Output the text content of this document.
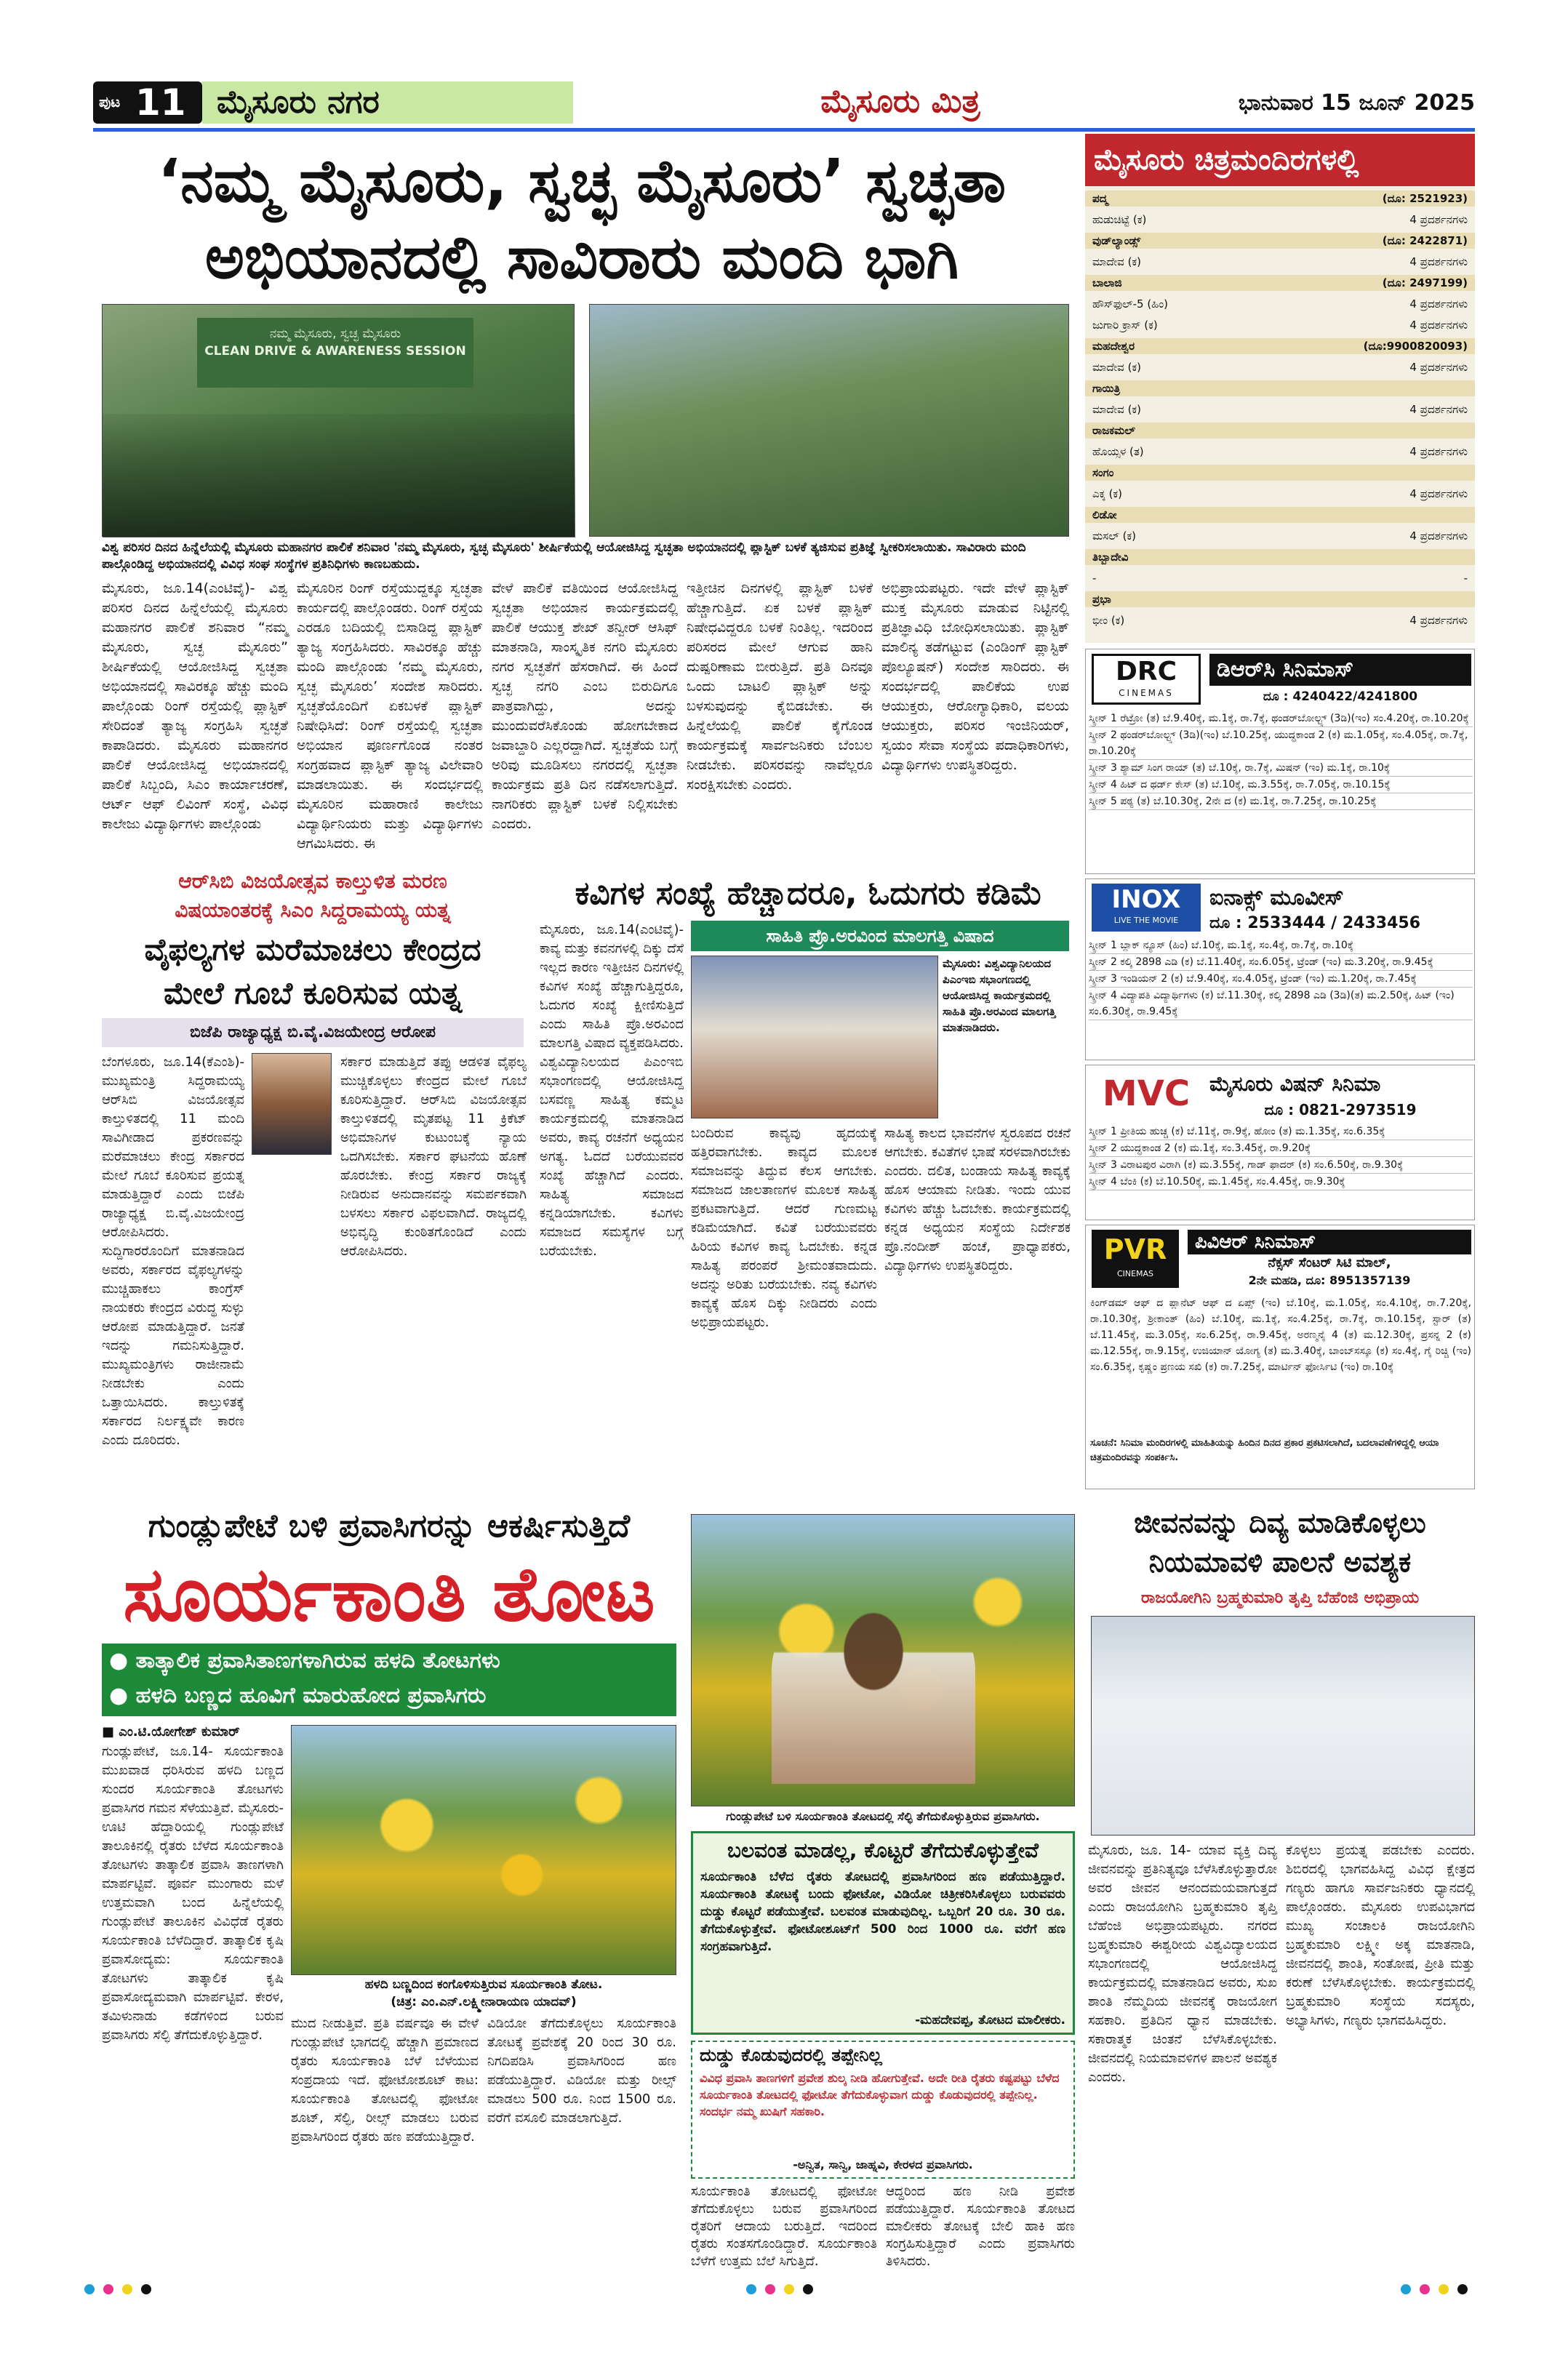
ಪುಟ 11 ಮೈಸೂರು ನಗರ	ಮೈಸೂರು ಮಿತ್ರ	ಭಾನುವಾರ 15 ಜೂನ್ 2025
‘ನಮ್ಮ ಮೈಸೂರು, ಸ್ವಚ್ಛ ಮೈಸೂರು’ ಸ್ವಚ್ಛತಾ
ಅಭಿಯಾನದಲ್ಲಿ ಸಾವಿರಾರು ಮಂದಿ ಭಾಗಿ
ನಮ್ಮ ಮೈಸೂರು, ಸ್ವಚ್ಛ ಮೈಸೂರು
CLEAN DRIVE & AWARENESS SESSION
ವಿಶ್ವ ಪರಿಸರ ದಿನದ ಹಿನ್ನೆಲೆಯಲ್ಲಿ ಮೈಸೂರು ಮಹಾನಗರ ಪಾಲಿಕೆ ಶನಿವಾರ 'ನಮ್ಮ ಮೈಸೂರು, ಸ್ವಚ್ಛ ಮೈಸೂರು' ಶೀರ್ಷಿಕೆಯಲ್ಲಿ ಆಯೋಜಿಸಿದ್ದ ಸ್ವಚ್ಛತಾ ಅಭಿಯಾನದಲ್ಲಿ ಪ್ಲಾಸ್ಟಿಕ್‌ ಬಳಕೆ ತ್ಯಜಿಸುವ ಪ್ರತಿಜ್ಞೆ ಸ್ವೀಕರಿಸಲಾಯಿತು. ಸಾವಿರಾರು ಮಂದಿ ಪಾಲ್ಗೊಂಡಿದ್ದ ಅಭಿಯಾನದಲ್ಲಿ ವಿವಿಧ ಸಂಘ ಸಂಸ್ಥೆಗಳ ಪ್ರತಿನಿಧಿಗಳು ಕಾಣಬಹುದು.
ಮೈಸೂರು, ಜೂ.14(ಎಂಟಿವೈ)- ವಿಶ್ವ ಪರಿಸರ ದಿನದ ಹಿನ್ನೆಲೆಯಲ್ಲಿ ಮೈಸೂರು ಮಹಾನಗರ ಪಾಲಿಕೆ ಶನಿವಾರ “ನಮ್ಮ ಮೈಸೂರು, ಸ್ವಚ್ಛ ಮೈಸೂರು” ಶೀರ್ಷಿಕೆಯಲ್ಲಿ ಆಯೋಜಿಸಿದ್ದ ಸ್ವಚ್ಛತಾ ಅಭಿಯಾನದಲ್ಲಿ ಸಾವಿರಕ್ಕೂ ಹೆಚ್ಚು ಮಂದಿ ಪಾಲ್ಗೊಂಡು ರಿಂಗ್‌ ರಸ್ತೆಯಲ್ಲಿ ಪ್ಲಾಸ್ಟಿಕ್‌ ಸೇರಿದಂತೆ ತ್ಯಾಜ್ಯ ಸಂಗ್ರಹಿಸಿ ಸ್ವಚ್ಛತೆ ಕಾಪಾಡಿದರು. ಮೈಸೂರು ಮಹಾನಗರ ಪಾಲಿಕೆ ಆಯೋಜಿಸಿದ್ದ ಅಭಿಯಾನದಲ್ಲಿ ಪಾಲಿಕೆ ಸಿಬ್ಬಂದಿ, ಸಿಎಂ ಕಾರ್ಯಾಚರಣೆ, ಆರ್ಟ್‌ ಆಫ್‌ ಲಿವಿಂಗ್‌ ಸಂಸ್ಥೆ, ವಿವಿಧ ಕಾಲೇಜು ವಿದ್ಯಾರ್ಥಿಗಳು ಪಾಲ್ಗೊಂಡು
ಮೈಸೂರಿನ ರಿಂಗ್‌ ರಸ್ತೆಯುದ್ದಕ್ಕೂ ಸ್ವಚ್ಛತಾ ಕಾರ್ಯದಲ್ಲಿ ಪಾಲ್ಗೊಂಡರು. ರಿಂಗ್‌ ರಸ್ತೆಯ ಎರಡೂ ಬದಿಯಲ್ಲಿ ಬಿಸಾಡಿದ್ದ ಪ್ಲಾಸ್ಟಿಕ್‌ ತ್ಯಾಜ್ಯ ಸಂಗ್ರಹಿಸಿದರು. ಸಾವಿರಕ್ಕೂ ಹೆಚ್ಚು ಮಂದಿ ಪಾಲ್ಗೊಂಡು ‘ನಮ್ಮ ಮೈಸೂರು, ಸ್ವಚ್ಛ ಮೈಸೂರು’ ಸಂದೇಶ ಸಾರಿದರು. ಸ್ವಚ್ಛತೆಯೊಂದಿಗೆ ಏಕಬಳಕೆ ಪ್ಲಾಸ್ಟಿಕ್‌ ನಿಷೇಧಿಸಿದೆ: ರಿಂಗ್‌ ರಸ್ತೆಯಲ್ಲಿ ಸ್ವಚ್ಛತಾ ಅಭಿಯಾನ ಪೂರ್ಣಗೊಂಡ ನಂತರ ಸಂಗ್ರಹವಾದ ಪ್ಲಾಸ್ಟಿಕ್‌ ತ್ಯಾಜ್ಯ ವಿಲೇವಾರಿ ಮಾಡಲಾಯಿತು. ಈ ಸಂದರ್ಭದಲ್ಲಿ ಮೈಸೂರಿನ ಮಹಾರಾಣಿ ಕಾಲೇಜು ವಿದ್ಯಾರ್ಥಿನಿಯರು ಮತ್ತು ವಿದ್ಯಾರ್ಥಿಗಳು ಆಗಮಿಸಿದರು. ಈ
ವೇಳೆ ಪಾಲಿಕೆ ವತಿಯಿಂದ ಆಯೋಜಿಸಿದ್ದ ಸ್ವಚ್ಛತಾ ಅಭಿಯಾನ ಕಾರ್ಯಕ್ರಮದಲ್ಲಿ ಪಾಲಿಕೆ ಆಯುಕ್ತ ಶೇಖ್‌ ತನ್ವೀರ್‌ ಆಸಿಫ್‌ ಮಾತನಾಡಿ, ಸಾಂಸ್ಕೃತಿಕ ನಗರಿ ಮೈಸೂರು ನಗರ ಸ್ವಚ್ಛತೆಗೆ ಹೆಸರಾಗಿದೆ. ಈ ಹಿಂದೆ ಸ್ವಚ್ಛ ನಗರಿ ಎಂಬ ಬಿರುದಿಗೂ ಪಾತ್ರವಾಗಿದ್ದು, ಅದನ್ನು ಮುಂದುವರೆಸಿಕೊಂಡು ಹೋಗಬೇಕಾದ ಜವಾಬ್ದಾರಿ ಎಲ್ಲರದ್ದಾಗಿದೆ. ಸ್ವಚ್ಛತೆಯ ಬಗ್ಗೆ ಅರಿವು ಮೂಡಿಸಲು ನಗರದಲ್ಲಿ ಸ್ವಚ್ಛತಾ ಕಾರ್ಯಕ್ರಮ ಪ್ರತಿ ದಿನ ನಡೆಸಲಾಗುತ್ತಿದೆ. ನಾಗರಿಕರು ಪ್ಲಾಸ್ಟಿಕ್‌ ಬಳಕೆ ನಿಲ್ಲಿಸಬೇಕು ಎಂದರು.
ಇತ್ತೀಚಿನ ದಿನಗಳಲ್ಲಿ ಪ್ಲಾಸ್ಟಿಕ್‌ ಬಳಕೆ ಹೆಚ್ಚಾಗುತ್ತಿದೆ. ಏಕ ಬಳಕೆ ಪ್ಲಾಸ್ಟಿಕ್‌ ನಿಷೇಧವಿದ್ದರೂ ಬಳಕೆ ನಿಂತಿಲ್ಲ. ಇದರಿಂದ ಪರಿಸರದ ಮೇಲೆ ಆಗುವ ಹಾನಿ ದುಷ್ಪರಿಣಾಮ ಬೀರುತ್ತಿದೆ. ಪ್ರತಿ ದಿನವೂ ಒಂದು ಬಾಟಲಿ ಪ್ಲಾಸ್ಟಿಕ್‌ ಅನ್ನು ಬಳಸುವುದನ್ನು ಕೈಬಿಡಬೇಕು. ಈ ಹಿನ್ನೆಲೆಯಲ್ಲಿ ಪಾಲಿಕೆ ಕೈಗೊಂಡ ಕಾರ್ಯಕ್ರಮಕ್ಕೆ ಸಾರ್ವಜನಿಕರು ಬೆಂಬಲ ನೀಡಬೇಕು. ಪರಿಸರವನ್ನು ನಾವೆಲ್ಲರೂ ಸಂರಕ್ಷಿಸಬೇಕು ಎಂದರು.
ಅಭಿಪ್ರಾಯಪಟ್ಟರು. ಇದೇ ವೇಳೆ ಪ್ಲಾಸ್ಟಿಕ್‌ ಮುಕ್ತ ಮೈಸೂರು ಮಾಡುವ ನಿಟ್ಟಿನಲ್ಲಿ ಪ್ರತಿಜ್ಞಾವಿಧಿ ಬೋಧಿಸಲಾಯಿತು. ಪ್ಲಾಸ್ಟಿಕ್‌ ಮಾಲಿನ್ಯ ತಡೆಗಟ್ಟುವ (ಎಂಡಿಂಗ್‌ ಪ್ಲಾಸ್ಟಿಕ್‌ ಪೊಲ್ಯೂಷನ್‌) ಸಂದೇಶ ಸಾರಿದರು. ಈ ಸಂದರ್ಭದಲ್ಲಿ ಪಾಲಿಕೆಯ ಉಪ ಆಯುಕ್ತರು, ಆರೋಗ್ಯಾಧಿಕಾರಿ, ವಲಯ ಆಯುಕ್ತರು, ಪರಿಸರ ಇಂಜಿನಿಯರ್‌, ಸ್ವಯಂ ಸೇವಾ ಸಂಸ್ಥೆಯ ಪದಾಧಿಕಾರಿಗಳು, ವಿದ್ಯಾರ್ಥಿಗಳು ಉಪಸ್ಥಿತರಿದ್ದರು.
ಮೈಸೂರು ಚಿತ್ರಮಂದಿರಗಳಲ್ಲಿ
ಪದ್ಮ	(ದೂ: 2521923)
ಹುಡುಚಿಟ್ಟೆ (ಕ)	4 ಪ್ರದರ್ಶನಗಳು
ವುಡ್‌ಲ್ಯಾಂಡ್ಸ್	(ದೂ: 2422871)
ಮಾದೇವ (ಕ)	4 ಪ್ರದರ್ಶನಗಳು
ಬಾಲಾಜಿ	(ದೂ: 2497199)
ಹೌಸ್‌ಫುಲ್‌-5 (ಹಿಂ)	4 ಪ್ರದರ್ಶನಗಳು
ಜುಗಾರಿ ಕ್ರಾಸ್‌ (ಕ)	4 ಪ್ರದರ್ಶನಗಳು
ಮಹದೇಶ್ವರ	(ದೂ:9900820093)
ಮಾದೇವ (ಕ)	4 ಪ್ರದರ್ಶನಗಳು
ಗಾಯಿತ್ರಿ
ಮಾದೇವ (ಕ)	4 ಪ್ರದರ್ಶನಗಳು
ರಾಜಕಮಲ್‌
ಹೊಯ್ಸಳ (ತ)	4 ಪ್ರದರ್ಶನಗಳು
ಸಂಗಂ
ಎಕ್ಕ (ಕ)	4 ಪ್ರದರ್ಶನಗಳು
ಲಿಡೋ
ಮಸಲ್‌ (ಕ)	4 ಪ್ರದರ್ಶನಗಳು
ತಿಬ್ಬಾದೇವಿ
-	-
ಪ್ರಭಾ
ಭೀಂ (ಕ)	4 ಪ್ರದರ್ಶನಗಳು
DRC
CINEMAS
ಡಿಆರ್‌ಸಿ ಸಿನಿಮಾಸ್‌
ದೂ : 4240422/4241800
ಸ್ಕ್ರೀನ್‌ 1 ರೆಟ್ರೋ (ತ) ಬೆ.9.40ಕ್ಕೆ, ಮ.1ಕ್ಕೆ, ರಾ.7ಕ್ಕೆ, ಥಂಡರ್‌ಬೋಲ್ಟ್ಸ್‌ (3ಡಿ)(ಇಂ) ಸಂ.4.20ಕ್ಕೆ, ರಾ.10.20ಕ್ಕೆ
ಸ್ಕ್ರೀನ್‌ 2 ಥಂಡರ್‌ಬೋಲ್ಟ್ಸ್‌ (3ಡಿ)(ಇಂ) ಬೆ.10.25ಕ್ಕೆ, ಯುದ್ಧಕಾಂಡ 2 (ಕ) ಮ.1.05ಕ್ಕೆ, ಸಂ.4.05ಕ್ಕೆ, ರಾ.7ಕ್ಕೆ, ರಾ.10.20ಕ್ಕೆ
ಸ್ಕ್ರೀನ್‌ 3 ಶ್ಯಾಮ್‌ ಸಿಂಗ ರಾಯ್‌ (ತ) ಬೆ.10ಕ್ಕೆ, ರಾ.7ಕ್ಕೆ, ಮಿಷನ್‌ (ಇಂ) ಮ.1ಕ್ಕೆ, ರಾ.10ಕ್ಕೆ
ಸ್ಕ್ರೀನ್‌ 4 ಹಿಟ್‌ ದ ಥರ್ಡ್‌ ಕೇಸ್‌ (ತ) ಬೆ.10ಕ್ಕೆ, ಮ.3.55ಕ್ಕೆ, ರಾ.7.05ಕ್ಕೆ, ರಾ.10.15ಕ್ಕೆ
ಸ್ಕ್ರೀನ್‌ 5 ಪಠ್ಯ (ತ) ಬೆ.10.30ಕ್ಕೆ, 2ನೇ ದ (ಕ) ಮ.1ಕ್ಕೆ, ರಾ.7.25ಕ್ಕೆ, ರಾ.10.25ಕ್ಕೆ
INOX
LIVE THE MOVIE
ಐನಾಕ್ಸ್‌ ಮೂವೀಸ್‌
ದೂ : 2533444 / 2433456
ಸ್ಕ್ರೀನ್‌ 1 ಬ್ಲಾಕ್‌ ನ್ಯೂಸ್‌ (ಹಿಂ) ಬೆ.10ಕ್ಕೆ, ಮ.1ಕ್ಕೆ, ಸಂ.4ಕ್ಕೆ, ರಾ.7ಕ್ಕೆ, ರಾ.10ಕ್ಕೆ
ಸ್ಕ್ರೀನ್‌ 2 ಕಲ್ಕಿ 2898 ಎಡಿ (ಕ) ಬೆ.11.40ಕ್ಕೆ, ಸಂ.6.05ಕ್ಕೆ, ಟ್ರೆಂಡ್‌ (ಇಂ) ಮ.3.20ಕ್ಕೆ, ರಾ.9.45ಕ್ಕೆ
ಸ್ಕ್ರೀನ್‌ 3 ಇಂಡಿಯನ್‌ 2 (ಕ) ಬೆ.9.40ಕ್ಕೆ, ಸಂ.4.05ಕ್ಕೆ, ಟ್ರೆಂಡ್‌ (ಇಂ) ಮ.1.20ಕ್ಕೆ, ರಾ.7.45ಕ್ಕೆ
ಸ್ಕ್ರೀನ್‌ 4 ವಿದ್ಯಾಪತಿ ವಿದ್ಯಾರ್ಥಿಗಳು (ಕ) ಬೆ.11.30ಕ್ಕೆ, ಕಲ್ಕಿ 2898 ಎಡಿ (3ಡಿ)(ತ) ಮ.2.50ಕ್ಕೆ, ಹಿಟ್‌ (ಇಂ) ಸಂ.6.30ಕ್ಕೆ, ರಾ.9.45ಕ್ಕೆ
MVC ಮೈಸೂರು ವಿಷನ್‌ ಸಿನಿಮಾ
ದೂ : 0821-2973519
ಸ್ಕ್ರೀನ್‌ 1 ಪ್ರೀತಿಯ ಹುಚ್ಚ (ಕ) ಬೆ.11ಕ್ಕೆ, ರಾ.9ಕ್ಕೆ, ಹೋಂ (ತ) ಮ.1.35ಕ್ಕೆ, ಸಂ.6.35ಕ್ಕೆ
ಸ್ಕ್ರೀನ್‌ 2 ಯುದ್ಧಕಾಂಡ 2 (ಕ) ಮ.1ಕ್ಕೆ, ಸಂ.3.45ಕ್ಕೆ, ರಾ.9.20ಕ್ಕೆ
ಸ್ಕ್ರೀನ್‌ 3 ವಿರಾಟಪುರ ವಿರಾಗಿ (ಕ) ಮ.3.55ಕ್ಕೆ, ಗಾಡ್‌ ಫಾದರ್‌ (ಕ) ಸಂ.6.50ಕ್ಕೆ, ರಾ.9.30ಕ್ಕೆ
ಸ್ಕ್ರೀನ್‌ 4 ಬೆಂಕಿ (ಕ) ಬೆ.10.50ಕ್ಕೆ, ಮ.1.45ಕ್ಕೆ, ಸಂ.4.45ಕ್ಕೆ, ರಾ.9.30ಕ್ಕೆ
PVR
CINEMAS
ಪಿವಿಆರ್‌ ಸಿನಿಮಾಸ್‌
ನೆಕ್ಸಸ್‌ ಸೆಂಟರ್‌ ಸಿಟಿ ಮಾಲ್‌,
2ನೇ ಮಹಡಿ, ದೂ: 8951357139
ಕಿಂಗ್‌ಡಮ್‌ ಆಫ್‌ ದ ಪ್ಲಾನೆಟ್‌ ಆಫ್‌ ದ ಏಪ್ಸ್‌ (ಇಂ) ಬೆ.10ಕ್ಕೆ, ಮ.1.05ಕ್ಕೆ, ಸಂ.4.10ಕ್ಕೆ, ರಾ.7.20ಕ್ಕೆ, ರಾ.10.30ಕ್ಕೆ, ಶ್ರೀಕಾಂತ್‌ (ಹಿಂ) ಬೆ.10ಕ್ಕೆ, ಮ.1ಕ್ಕೆ, ಸಂ.4.25ಕ್ಕೆ, ರಾ.7ಕ್ಕೆ, ರಾ.10.15ಕ್ಕೆ, ಸ್ಟಾರ್‌ (ತ) ಬೆ.11.45ಕ್ಕೆ, ಮ.3.05ಕ್ಕೆ, ಸಂ.6.25ಕ್ಕೆ, ರಾ.9.45ಕ್ಕೆ, ಅರಣ್ಮನೈ 4 (ತ) ಮ.12.30ಕ್ಕೆ, ಪ್ರಸನ್ನ 2 (ಕ) ಮ.12.55ಕ್ಕೆ, ರಾ.9.15ಕ್ಕೆ, ಉಜಿಯಾನ್‌ ಯೋಗ್ಯ (ತ) ಮ.3.40ಕ್ಕೆ, ಬಾಂಬ್‌ಸಸ್ಕೂ (ಕ) ಸಂ.4ಕ್ಕೆ, ಗೈ ರಿಚ್ಚಿ (ಇಂ) ಸಂ.6.35ಕ್ಕೆ, ಕೃಷ್ಣಂ ಪ್ರಣಯ ಸಖಿ (ಕ) ರಾ.7.25ಕ್ಕೆ, ಮಾರ್ಟಿನ್‌ ಫೋರ್ಸಿಟಿ (ಇಂ) ರಾ.10ಕ್ಕೆ
ಸೂಚನೆ: ಸಿನಿಮಾ ಮಂದಿರಗಳಲ್ಲಿ ಮಾಹಿತಿಯನ್ನು ಹಿಂದಿನ ದಿನದ ಪ್ರಕಾರ ಪ್ರಕಟಿಸಲಾಗಿದೆ, ಬದಲಾವಣೆಗಳಿದ್ದಲ್ಲಿ ಆಯಾ ಚಿತ್ರಮಂದಿರವನ್ನು ಸಂಪರ್ಕಿಸಿ.
ಆರ್‌ಸಿಬಿ ವಿಜಯೋತ್ಸವ ಕಾಲ್ತುಳಿತ ಮರಣ
ವಿಷಯಾಂತರಕ್ಕೆ ಸಿಎಂ ಸಿದ್ದರಾಮಯ್ಯ ಯತ್ನ
ವೈಫಲ್ಯಗಳ ಮರೆಮಾಚಲು ಕೇಂದ್ರದ
ಮೇಲೆ ಗೂಬೆ ಕೂರಿಸುವ ಯತ್ನ
ಬಿಜೆಪಿ ರಾಜ್ಯಾಧ್ಯಕ್ಷ ಬಿ.ವೈ.ವಿಜಯೇಂದ್ರ ಆರೋಪ
ಬೆಂಗಳೂರು, ಜೂ.14(ಕೆಎಂಶಿ)- ಮುಖ್ಯಮಂತ್ರಿ ಸಿದ್ದರಾಮಯ್ಯ ಆರ್‌ಸಿಬಿ ವಿಜಯೋತ್ಸವ ಕಾಲ್ತುಳಿತದಲ್ಲಿ 11 ಮಂದಿ ಸಾವಿಗೀಡಾದ ಪ್ರಕರಣವನ್ನು ಮರೆಮಾಚಲು ಕೇಂದ್ರ ಸರ್ಕಾರದ ಮೇಲೆ ಗೂಬೆ ಕೂರಿಸುವ ಪ್ರಯತ್ನ ಮಾಡುತ್ತಿದ್ದಾರೆ ಎಂದು ಬಿಜೆಪಿ ರಾಜ್ಯಾಧ್ಯಕ್ಷ ಬಿ.ವೈ.ವಿಜಯೇಂದ್ರ ಆರೋಪಿಸಿದರು. ಸುದ್ದಿಗಾರರೊಂದಿಗೆ ಮಾತನಾಡಿದ ಅವರು, ಸರ್ಕಾರದ ವೈಫಲ್ಯಗಳನ್ನು ಮುಚ್ಚಿಹಾಕಲು ಕಾಂಗ್ರೆಸ್‌ ನಾಯಕರು ಕೇಂದ್ರದ ವಿರುದ್ಧ ಸುಳ್ಳು ಆರೋಪ ಮಾಡುತ್ತಿದ್ದಾರೆ. ಜನತೆ ಇದನ್ನು ಗಮನಿಸುತ್ತಿದ್ದಾರೆ. ಮುಖ್ಯಮಂತ್ರಿಗಳು ರಾಜೀನಾಮೆ ನೀಡಬೇಕು ಎಂದು ಒತ್ತಾಯಿಸಿದರು. ಕಾಲ್ತುಳಿತಕ್ಕೆ ಸರ್ಕಾರದ ನಿರ್ಲಕ್ಷ್ಯವೇ ಕಾರಣ ಎಂದು ದೂರಿದರು.
ಸರ್ಕಾರ ಮಾಡುತ್ತಿದೆ ತಪ್ಪು ಆಡಳಿತ ವೈಫಲ್ಯ ಮುಚ್ಚಿಕೊಳ್ಳಲು ಕೇಂದ್ರದ ಮೇಲೆ ಗೂಬೆ ಕೂರಿಸುತ್ತಿದ್ದಾರೆ. ಆರ್‌ಸಿಬಿ ವಿಜಯೋತ್ಸವ ಕಾಲ್ತುಳಿತದಲ್ಲಿ ಮೃತಪಟ್ಟ 11 ಕ್ರಿಕೆಟ್‌ ಅಭಿಮಾನಿಗಳ ಕುಟುಂಬಕ್ಕೆ ನ್ಯಾಯ ಒದಗಿಸಬೇಕು. ಸರ್ಕಾರ ಘಟನೆಯ ಹೊಣೆ ಹೊರಬೇಕು. ಕೇಂದ್ರ ಸರ್ಕಾರ ರಾಜ್ಯಕ್ಕೆ ನೀಡಿರುವ ಅನುದಾನವನ್ನು ಸಮರ್ಪಕವಾಗಿ ಬಳಸಲು ಸರ್ಕಾರ ವಿಫಲವಾಗಿದೆ. ರಾಜ್ಯದಲ್ಲಿ ಅಭಿವೃದ್ಧಿ ಕುಂಠಿತಗೊಂಡಿದೆ ಎಂದು ಆರೋಪಿಸಿದರು.
ಕವಿಗಳ ಸಂಖ್ಯೆ ಹೆಚ್ಚಾದರೂ, ಓದುಗರು ಕಡಿಮೆ
ಸಾಹಿತಿ ಪ್ರೊ.ಅರವಿಂದ ಮಾಲಗತ್ತಿ ವಿಷಾದ
ಮೈಸೂರು, ಜೂ.14(ಎಂಟಿವೈ)- ಕಾವ್ಯ ಮತ್ತು ಕವನಗಳಲ್ಲಿ ದಿಕ್ಕು ದೆಸೆ ಇಲ್ಲದ ಕಾರಣ ಇತ್ತೀಚಿನ ದಿನಗಳಲ್ಲಿ ಕವಿಗಳ ಸಂಖ್ಯೆ ಹೆಚ್ಚಾಗುತ್ತಿದ್ದರೂ, ಓದುಗರ ಸಂಖ್ಯೆ ಕ್ಷೀಣಿಸುತ್ತಿದೆ ಎಂದು ಸಾಹಿತಿ ಪ್ರೊ.ಅರವಿಂದ ಮಾಲಗತ್ತಿ ವಿಷಾದ ವ್ಯಕ್ತಪಡಿಸಿದರು. ವಿಶ್ವವಿದ್ಯಾನಿಲಯದ ಪಿಎಂಇಬಿ ಸಭಾಂಗಣದಲ್ಲಿ ಆಯೋಜಿಸಿದ್ದ ಬಸವಣ್ಣ ಸಾಹಿತ್ಯ ಕಮ್ಮಟ ಕಾರ್ಯಕ್ರಮದಲ್ಲಿ ಮಾತನಾಡಿದ ಅವರು, ಕಾವ್ಯ ರಚನೆಗೆ ಅಧ್ಯಯನ ಅಗತ್ಯ. ಓದದೆ ಬರೆಯುವವರ ಸಂಖ್ಯೆ ಹೆಚ್ಚಾಗಿದೆ ಎಂದರು. ಸಾಹಿತ್ಯ ಸಮಾಜದ ಕನ್ನಡಿಯಾಗಬೇಕು. ಕವಿಗಳು ಸಮಾಜದ ಸಮಸ್ಯೆಗಳ ಬಗ್ಗೆ ಬರೆಯಬೇಕು.
ಮೈಸೂರು: ವಿಶ್ವವಿದ್ಯಾನಿಲಯದ ಪಿಎಂಇಬಿ ಸಭಾಂಗಣದಲ್ಲಿ ಆಯೋಜಿಸಿದ್ದ ಕಾರ್ಯಕ್ರಮದಲ್ಲಿ ಸಾಹಿತಿ ಪ್ರೊ.ಅರವಿಂದ ಮಾಲಗತ್ತಿ ಮಾತನಾಡಿದರು.
ಬಂದಿರುವ ಕಾವ್ಯವು ಹೃದಯಕ್ಕೆ ಹತ್ತಿರವಾಗಬೇಕು. ಕಾವ್ಯದ ಮೂಲಕ ಸಮಾಜವನ್ನು ತಿದ್ದುವ ಕೆಲಸ ಆಗಬೇಕು. ಸಮಾಜದ ಜಾಲತಾಣಗಳ ಮೂಲಕ ಸಾಹಿತ್ಯ ಪ್ರಕಟವಾಗುತ್ತಿದೆ. ಆದರೆ ಗುಣಮಟ್ಟ ಕಡಿಮೆಯಾಗಿದೆ. ಕವಿತೆ ಬರೆಯುವವರು ಹಿರಿಯ ಕವಿಗಳ ಕಾವ್ಯ ಓದಬೇಕು. ಕನ್ನಡ ಸಾಹಿತ್ಯ ಪರಂಪರೆ ಶ್ರೀಮಂತವಾದುದು. ಅದನ್ನು ಅರಿತು ಬರೆಯಬೇಕು. ನವ್ಯ ಕವಿಗಳು ಕಾವ್ಯಕ್ಕೆ ಹೊಸ ದಿಕ್ಕು ನೀಡಿದರು ಎಂದು ಅಭಿಪ್ರಾಯಪಟ್ಟರು.
ಸಾಹಿತ್ಯ ಕಾಲದ ಭಾವನೆಗಳ ಸ್ವರೂಪದ ರಚನೆ ಆಗಬೇಕು. ಕವಿತೆಗಳ ಭಾಷೆ ಸರಳವಾಗಿರಬೇಕು ಎಂದರು. ದಲಿತ, ಬಂಡಾಯ ಸಾಹಿತ್ಯ ಕಾವ್ಯಕ್ಕೆ ಹೊಸ ಆಯಾಮ ನೀಡಿತು. ಇಂದು ಯುವ ಕವಿಗಳು ಹೆಚ್ಚು ಓದಬೇಕು. ಕಾರ್ಯಕ್ರಮದಲ್ಲಿ ಕನ್ನಡ ಅಧ್ಯಯನ ಸಂಸ್ಥೆಯ ನಿರ್ದೇಶಕ ಪ್ರೊ.ನಂದೀಶ್‌ ಹಂಚೆ, ಪ್ರಾಧ್ಯಾಪಕರು, ವಿದ್ಯಾರ್ಥಿಗಳು ಉಪಸ್ಥಿತರಿದ್ದರು.
ಗುಂಡ್ಲುಪೇಟೆ ಬಳಿ ಪ್ರವಾಸಿಗರನ್ನು ಆಕರ್ಷಿಸುತ್ತಿದೆ
ಸೂರ್ಯಕಾಂತಿ ತೋಟ
● ತಾತ್ಕಾಲಿಕ ಪ್ರವಾಸಿತಾಣಗಳಾಗಿರುವ ಹಳದಿ ತೋಟಗಳು
● ಹಳದಿ ಬಣ್ಣದ ಹೂವಿಗೆ ಮಾರುಹೋದ ಪ್ರವಾಸಿಗರು
■ ಎಂ.ಟಿ.ಯೋಗೇಶ್‌ ಕುಮಾರ್‌
ಗುಂಡ್ಲುಪೇಟೆ, ಜೂ.14- ಸೂರ್ಯಕಾಂತಿ ಮುಖವಾಡ ಧರಿಸಿರುವ ಹಳದಿ ಬಣ್ಣದ ಸುಂದರ ಸೂರ್ಯಕಾಂತಿ ತೋಟಗಳು ಪ್ರವಾಸಿಗರ ಗಮನ ಸೆಳೆಯುತ್ತಿವೆ. ಮೈಸೂರು-ಊಟಿ ಹೆದ್ದಾರಿಯಲ್ಲಿ ಗುಂಡ್ಲುಪೇಟೆ ತಾಲೂಕಿನಲ್ಲಿ ರೈತರು ಬೆಳೆದ ಸೂರ್ಯಕಾಂತಿ ತೋಟಗಳು ತಾತ್ಕಾಲಿಕ ಪ್ರವಾಸಿ ತಾಣಗಳಾಗಿ ಮಾರ್ಪಟ್ಟಿವೆ. ಪೂರ್ವ ಮುಂಗಾರು ಮಳೆ ಉತ್ತಮವಾಗಿ ಬಂದ ಹಿನ್ನೆಲೆಯಲ್ಲಿ ಗುಂಡ್ಲುಪೇಟೆ ತಾಲೂಕಿನ ವಿವಿಧೆಡೆ ರೈತರು ಸೂರ್ಯಕಾಂತಿ ಬೆಳೆದಿದ್ದಾರೆ. ತಾತ್ಕಾಲಿಕ ಕೃಷಿ ಪ್ರವಾಸೋದ್ಯಮ: ಸೂರ್ಯಕಾಂತಿ ತೋಟಗಳು ತಾತ್ಕಾಲಿಕ ಕೃಷಿ ಪ್ರವಾಸೋದ್ಯಮವಾಗಿ ಮಾರ್ಪಟ್ಟಿವೆ. ಕೇರಳ, ತಮಿಳುನಾಡು ಕಡೆಗಳಿಂದ ಬರುವ ಪ್ರವಾಸಿಗರು ಸೆಲ್ಫಿ ತೆಗೆದುಕೊಳ್ಳುತ್ತಿದ್ದಾರೆ.
ಹಳದಿ ಬಣ್ಣದಿಂದ ಕಂಗೊಳಿಸುತ್ತಿರುವ ಸೂರ್ಯಕಾಂತಿ ತೋಟ.
(ಚಿತ್ರ: ಎಂ.ಎನ್‌.ಲಕ್ಷ್ಮೀನಾರಾಯಣ ಯಾದವ್‌)
ಮುದ ನೀಡುತ್ತಿವೆ. ಪ್ರತಿ ವರ್ಷವೂ ಈ ವೇಳೆ ಗುಂಡ್ಲುಪೇಟೆ ಭಾಗದಲ್ಲಿ ಹೆಚ್ಚಾಗಿ ಪ್ರಮಾಣದ ರೈತರು ಸೂರ್ಯಕಾಂತಿ ಬೆಳೆ ಬೆಳೆಯುವ ಸಂಪ್ರದಾಯ ಇದೆ. ಫೋಟೋಶೂಟ್‌ ಕಾಟ: ಸೂರ್ಯಕಾಂತಿ ತೋಟದಲ್ಲಿ ಫೋಟೋ ಶೂಟ್‌, ಸೆಲ್ಫಿ, ರೀಲ್ಸ್‌ ಮಾಡಲು ಬರುವ ಪ್ರವಾಸಿಗರಿಂದ ರೈತರು ಹಣ ಪಡೆಯುತ್ತಿದ್ದಾರೆ.
ವಿಡಿಯೋ ತೆಗೆದುಕೊಳ್ಳಲು ಸೂರ್ಯಕಾಂತಿ ತೋಟಕ್ಕೆ ಪ್ರವೇಶಕ್ಕೆ 20 ರಿಂದ 30 ರೂ. ನಿಗದಿಪಡಿಸಿ ಪ್ರವಾಸಿಗರಿಂದ ಹಣ ಪಡೆಯುತ್ತಿದ್ದಾರೆ. ವಿಡಿಯೋ ಮತ್ತು ರೀಲ್ಸ್‌ ಮಾಡಲು 500 ರೂ. ನಿಂದ 1500 ರೂ. ವರೆಗೆ ವಸೂಲಿ ಮಾಡಲಾಗುತ್ತಿದೆ.
ಗುಂಡ್ಲುಪೇಟೆ ಬಳಿ ಸೂರ್ಯಕಾಂತಿ ತೋಟದಲ್ಲಿ ಸೆಲ್ಫಿ ತೆಗೆದುಕೊಳ್ಳುತ್ತಿರುವ ಪ್ರವಾಸಿಗರು.
ಬಲವಂತ ಮಾಡಲ್ಲ, ಕೊಟ್ಟರೆ ತೆಗೆದುಕೊಳ್ಳುತ್ತೇವೆ
ಸೂರ್ಯಕಾಂತಿ ಬೆಳೆದ ರೈತರು ತೋಟದಲ್ಲಿ ಪ್ರವಾಸಿಗರಿಂದ ಹಣ ಪಡೆಯುತ್ತಿದ್ದಾರೆ. ಸೂರ್ಯಕಾಂತಿ ತೋಟಕ್ಕೆ ಬಂದು ಫೋಟೋ, ವಿಡಿಯೋ ಚಿತ್ರೀಕರಿಸಿಕೊಳ್ಳಲು ಬರುವವರು ದುಡ್ಡು ಕೊಟ್ಟರೆ ಪಡೆಯುತ್ತೇವೆ. ಬಲವಂತ ಮಾಡುವುದಿಲ್ಲ. ಒಬ್ಬರಿಗೆ 20 ರೂ. 30 ರೂ. ತೆಗೆದುಕೊಳ್ಳುತ್ತೇವೆ. ಫೋಟೋಶೂಟ್‌ಗೆ 500 ರಿಂದ 1000 ರೂ. ವರೆಗೆ ಹಣ ಸಂಗ್ರಹವಾಗುತ್ತಿದೆ.
-ಮಹದೇವಪ್ಪ, ತೋಟದ ಮಾಲೀಕರು.
ದುಡ್ಡು ಕೊಡುವುದರಲ್ಲಿ ತಪ್ಪೇನಿಲ್ಲ
ವಿವಿಧ ಪ್ರವಾಸಿ ತಾಣಗಳಿಗೆ ಪ್ರವೇಶ ಶುಲ್ಕ ನೀಡಿ ಹೋಗುತ್ತೇವೆ. ಅದೇ ರೀತಿ ರೈತರು ಕಷ್ಟಪಟ್ಟು ಬೆಳೆದ ಸೂರ್ಯಕಾಂತಿ ತೋಟದಲ್ಲಿ ಫೋಟೋ ತೆಗೆದುಕೊಳ್ಳುವಾಗ ದುಡ್ಡು ಕೊಡುವುದರಲ್ಲಿ ತಪ್ಪೇನಿಲ್ಲ. ಸಂದರ್ಭ ನಮ್ಮ ಖುಷಿಗೆ ಸಹಕಾರಿ.
-ಅನ್ವಿತ, ಸಾನ್ವಿ, ಜಾಹ್ನವಿ, ಕೇರಳದ ಪ್ರವಾಸಿಗರು.
ಸೂರ್ಯಕಾಂತಿ ತೋಟದಲ್ಲಿ ಫೋಟೋ ತೆಗೆದುಕೊಳ್ಳಲು ಬರುವ ಪ್ರವಾಸಿಗರಿಂದ ರೈತರಿಗೆ ಆದಾಯ ಬರುತ್ತಿದೆ. ಇದರಿಂದ ರೈತರು ಸಂತಸಗೊಂಡಿದ್ದಾರೆ. ಸೂರ್ಯಕಾಂತಿ ಬೆಳೆಗೆ ಉತ್ತಮ ಬೆಲೆ ಸಿಗುತ್ತಿದೆ.
ಆದ್ದರಿಂದ ಹಣ ನೀಡಿ ಪ್ರವೇಶ ಪಡೆಯುತ್ತಿದ್ದಾರೆ. ಸೂರ್ಯಕಾಂತಿ ತೋಟದ ಮಾಲೀಕರು ತೋಟಕ್ಕೆ ಬೇಲಿ ಹಾಕಿ ಹಣ ಸಂಗ್ರಹಿಸುತ್ತಿದ್ದಾರೆ ಎಂದು ಪ್ರವಾಸಿಗರು ತಿಳಿಸಿದರು.
ಜೀವನವನ್ನು ದಿವ್ಯ ಮಾಡಿಕೊಳ್ಳಲು
ನಿಯಮಾವಳಿ ಪಾಲನೆ ಅವಶ್ಯಕ
ರಾಜಯೋಗಿನಿ ಬ್ರಹ್ಮಕುಮಾರಿ ತೃಪ್ತಿ ಬೆಹೆಂಜಿ ಅಭಿಪ್ರಾಯ
ಮೈಸೂರು, ಜೂ. 14- ಯಾವ ವ್ಯಕ್ತಿ ದಿವ್ಯ ಜೀವನವನ್ನು ಪ್ರತಿನಿತ್ಯವೂ ಬೆಳೆಸಿಕೊಳ್ಳುತ್ತಾರೋ ಅವರ ಜೀವನ ಆನಂದಮಯವಾಗುತ್ತದೆ ಎಂದು ರಾಜಯೋಗಿನಿ ಬ್ರಹ್ಮಕುಮಾರಿ ತೃಪ್ತಿ ಬೆಹೆಂಜಿ ಅಭಿಪ್ರಾಯಪಟ್ಟರು. ನಗರದ ಬ್ರಹ್ಮಕುಮಾರಿ ಈಶ್ವರೀಯ ವಿಶ್ವವಿದ್ಯಾಲಯದ ಸಭಾಂಗಣದಲ್ಲಿ ಆಯೋಜಿಸಿದ್ದ ಕಾರ್ಯಕ್ರಮದಲ್ಲಿ ಮಾತನಾಡಿದ ಅವರು, ಸುಖ ಶಾಂತಿ ನೆಮ್ಮದಿಯ ಜೀವನಕ್ಕೆ ರಾಜಯೋಗ ಸಹಕಾರಿ. ಪ್ರತಿದಿನ ಧ್ಯಾನ ಮಾಡಬೇಕು. ಸಕಾರಾತ್ಮಕ ಚಿಂತನೆ ಬೆಳೆಸಿಕೊಳ್ಳಬೇಕು. ಜೀವನದಲ್ಲಿ ನಿಯಮಾವಳಿಗಳ ಪಾಲನೆ ಅವಶ್ಯಕ ಎಂದರು.
ಕೊಳ್ಳಲು ಪ್ರಯತ್ನ ಪಡಬೇಕು ಎಂದರು. ಶಿಬಿರದಲ್ಲಿ ಭಾಗವಹಿಸಿದ್ದ ವಿವಿಧ ಕ್ಷೇತ್ರದ ಗಣ್ಯರು ಹಾಗೂ ಸಾರ್ವಜನಿಕರು ಧ್ಯಾನದಲ್ಲಿ ಪಾಲ್ಗೊಂಡರು. ಮೈಸೂರು ಉಪವಿಭಾಗದ ಮುಖ್ಯ ಸಂಚಾಲಕಿ ರಾಜಯೋಗಿನಿ ಬ್ರಹ್ಮಕುಮಾರಿ ಲಕ್ಷ್ಮೀ ಅಕ್ಕ ಮಾತನಾಡಿ, ಜೀವನದಲ್ಲಿ ಶಾಂತಿ, ಸಂತೋಷ, ಪ್ರೀತಿ ಮತ್ತು ಕರುಣೆ ಬೆಳೆಸಿಕೊಳ್ಳಬೇಕು. ಕಾರ್ಯಕ್ರಮದಲ್ಲಿ ಬ್ರಹ್ಮಕುಮಾರಿ ಸಂಸ್ಥೆಯ ಸದಸ್ಯರು, ಅಭ್ಯಾಸಿಗಳು, ಗಣ್ಯರು ಭಾಗವಹಿಸಿದ್ದರು.
